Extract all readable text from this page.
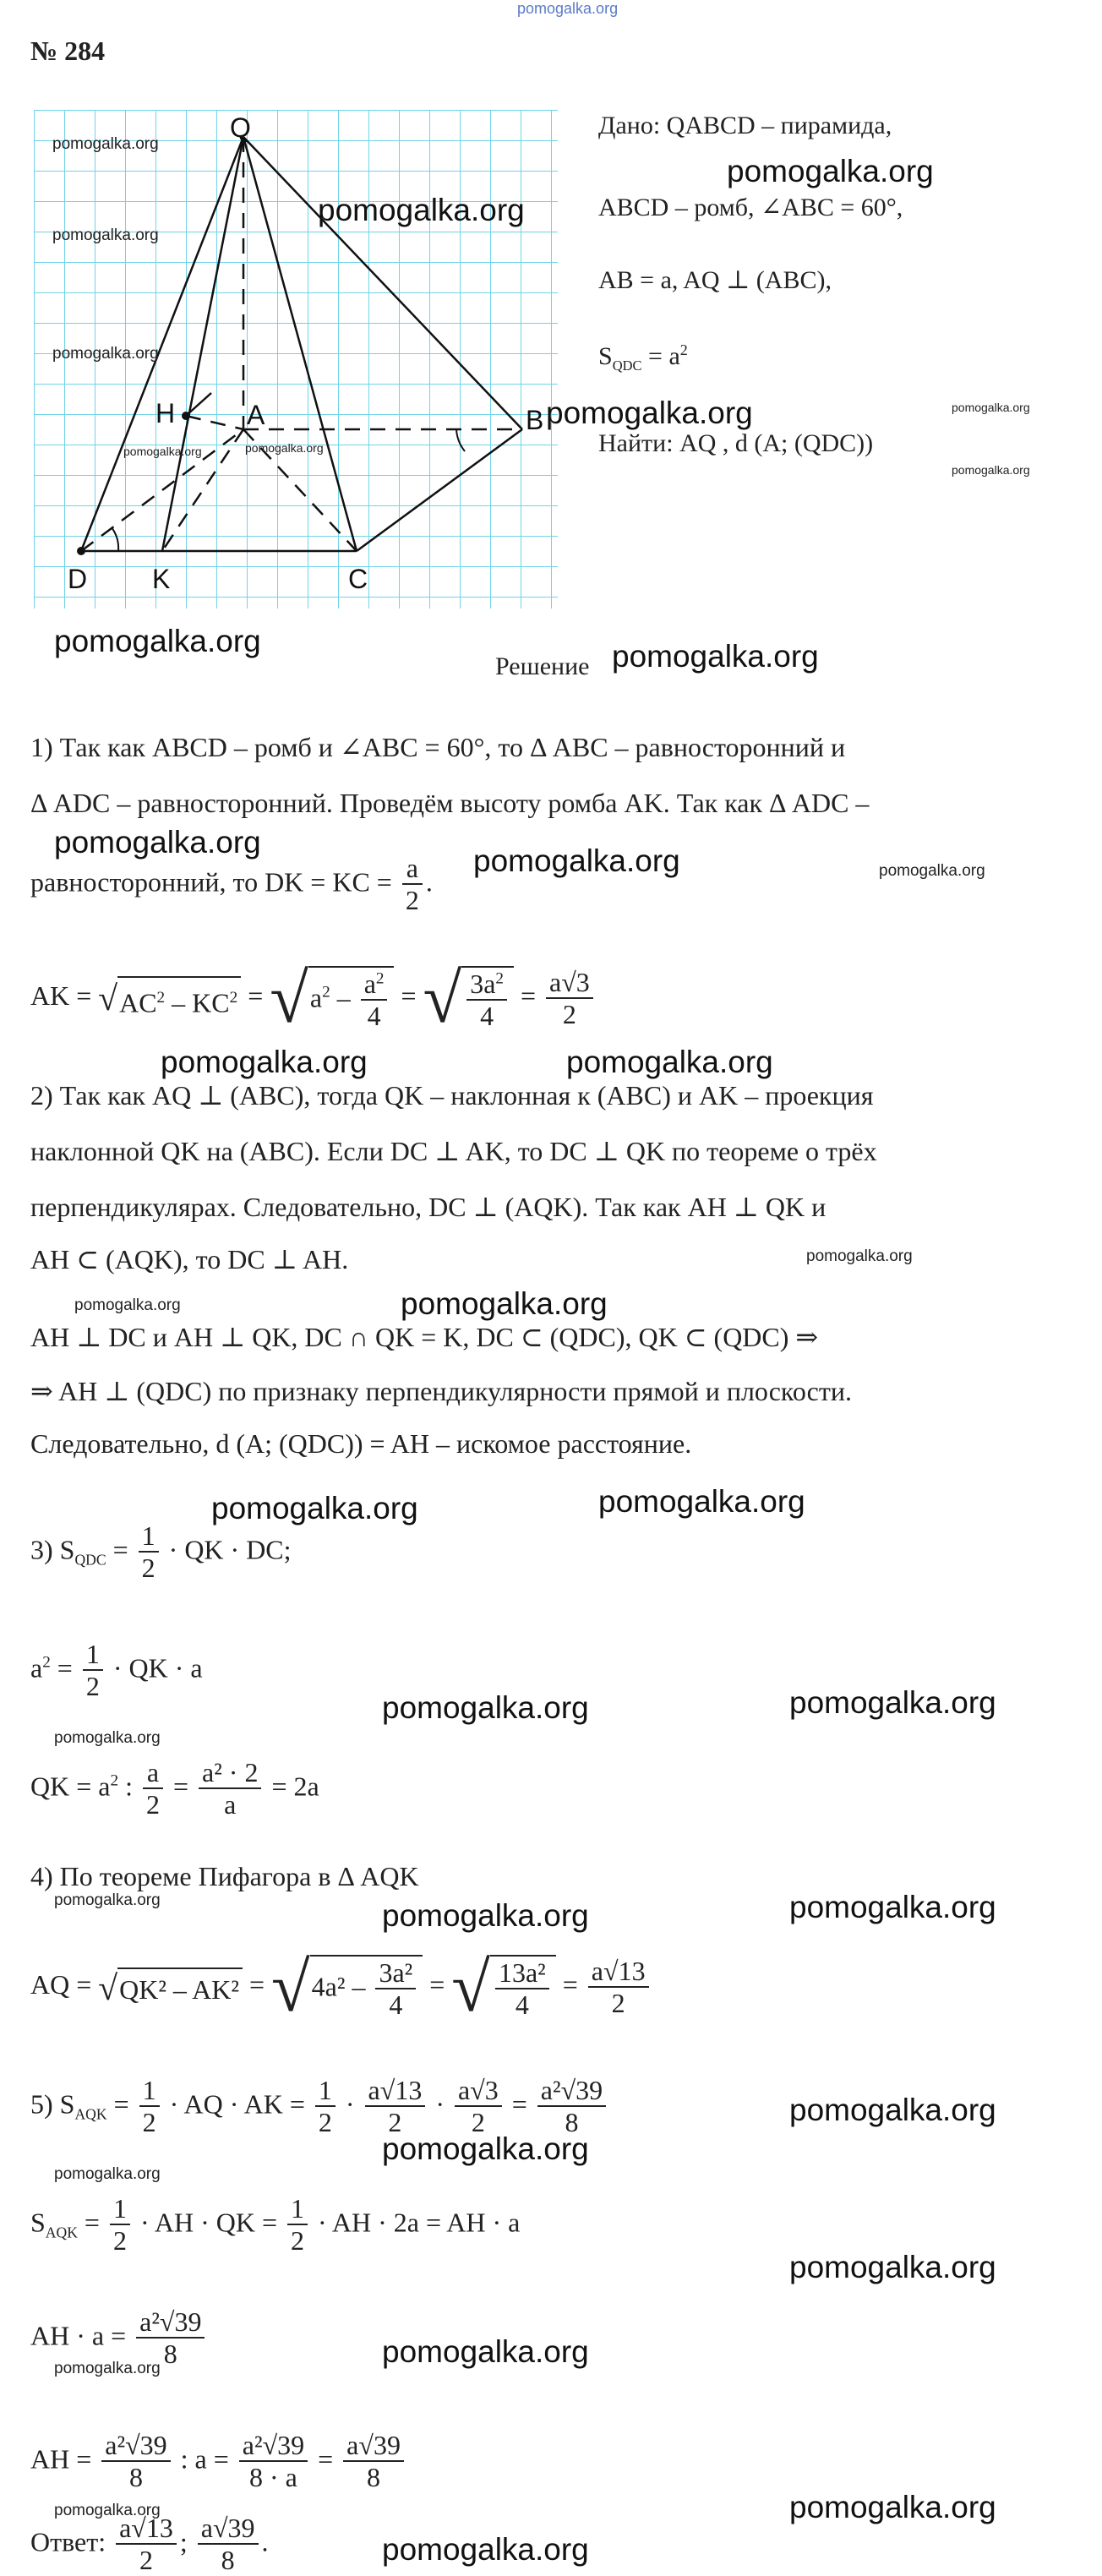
pomogalka.org
№ 284
Q
B
H	A
D K	C
pomogalka.org
pomogalka.org
pomogalka.org
pomogalka.org	pomogalka.org
pomogalka.org
Дано: QABCD – пирамида,
pomogalka.org
ABCD – ромб, ∠ABC = 60°,
AB = a, AQ ⊥ (ABC),
$S_{QDC} = a^2$
pomogalka.org	pomogalka.org
Найти: AQ , d (A; (QDC))
pomogalka.org
pomogalka.org
Решение pomogalka.org
1) Так как ABCD – ромб и ∠ABC = 60°, то Δ ABC – равносторонний и
Δ ADC – равносторонний. Проведём высоту ромба AK. Так как Δ ADC –
pomogalka.org
равносторонний, то DK = KC = $\frac{a}{2}$ .
pomogalka.org	pomogalka.org
AK = $√AC^2 - KC^2 = √a^2 - \frac{a^2}{4}$ = √ $\frac{3a^2}{4} = \frac{a√3}{2}$
pomogalka.org	pomogalka.org
2) Так как AQ ⊥ (ABC), тогда QK – наклонная к (ABC) и AK – проекция
наклонной QK на (ABC). Если DC ⊥ AK, то DC ⊥ QK по теореме о трёх
перпендикулярах. Следовательно, DC ⊥ (AQK). Так как AH ⊥ QK и
AH ⊂ (AQK), то DC ⊥ AH.	pomogalka.org
pomogalka.org	pomogalka.org
AH ⊥ DC и AH ⊥ QK, DC ∩ QK = K, DC ⊂ (QDC), QK ⊂ (QDC) ⇒
⇒ AH ⊥ (QDC) по признаку перпендикулярности прямой и плоскости.
Следовательно, d (A; (QDC)) = AH – искомое расстояние.
pomogalka.org	pomogalka.org
3) $S_{QDC} = \frac{1}{2}$ · QK · DC;
$a^2 = \frac{1}{2}$ · QK · a
pomogalka.org	pomogalka.org
pomogalka.org
QK = $a^2$ : $\frac{a}{2} = \frac{\text{a² · 2}}{a} = 2a$
4) По теореме Пифагора в Δ AQK
pomogalka.org	pomogalka.org	pomogalka.org
AQ = $√QK^2 - AK^2 = √4a^2 - \frac{\text{3a²}}{4}$ = √ $\frac{\text{13a²}}{4} = \frac{a√13}{2}$
5) $S_{AQK} = \frac{1}{2}$ · AQ · AK = $\frac{1}{2} \cdot \frac{a√13}{2} \cdot \frac{a√3}{2} = \frac{\text{a²√39}}{8}$	pomogalka.org
pomogalka.org
pomogalka.org
$S_{AQK} = \frac{1}{2}$ · AH · QK = $\frac{1}{2}$ · AH · 2a = AH · a
pomogalka.org
AH · $a = \frac{\text{a²√39}}{8}$	pomogalka.org
pomogalka.org
AH = $\frac{\text{a²√39}}{8}$ : $a = \frac{\text{a²√39}}{8 \cdot a} = \frac{a√39}{8}$
pomogalka.org	pomogalka.org
pomogalka.org
Ответ: $\frac{a√13}{2}$ ; $\frac{a√39}{8}$ .
